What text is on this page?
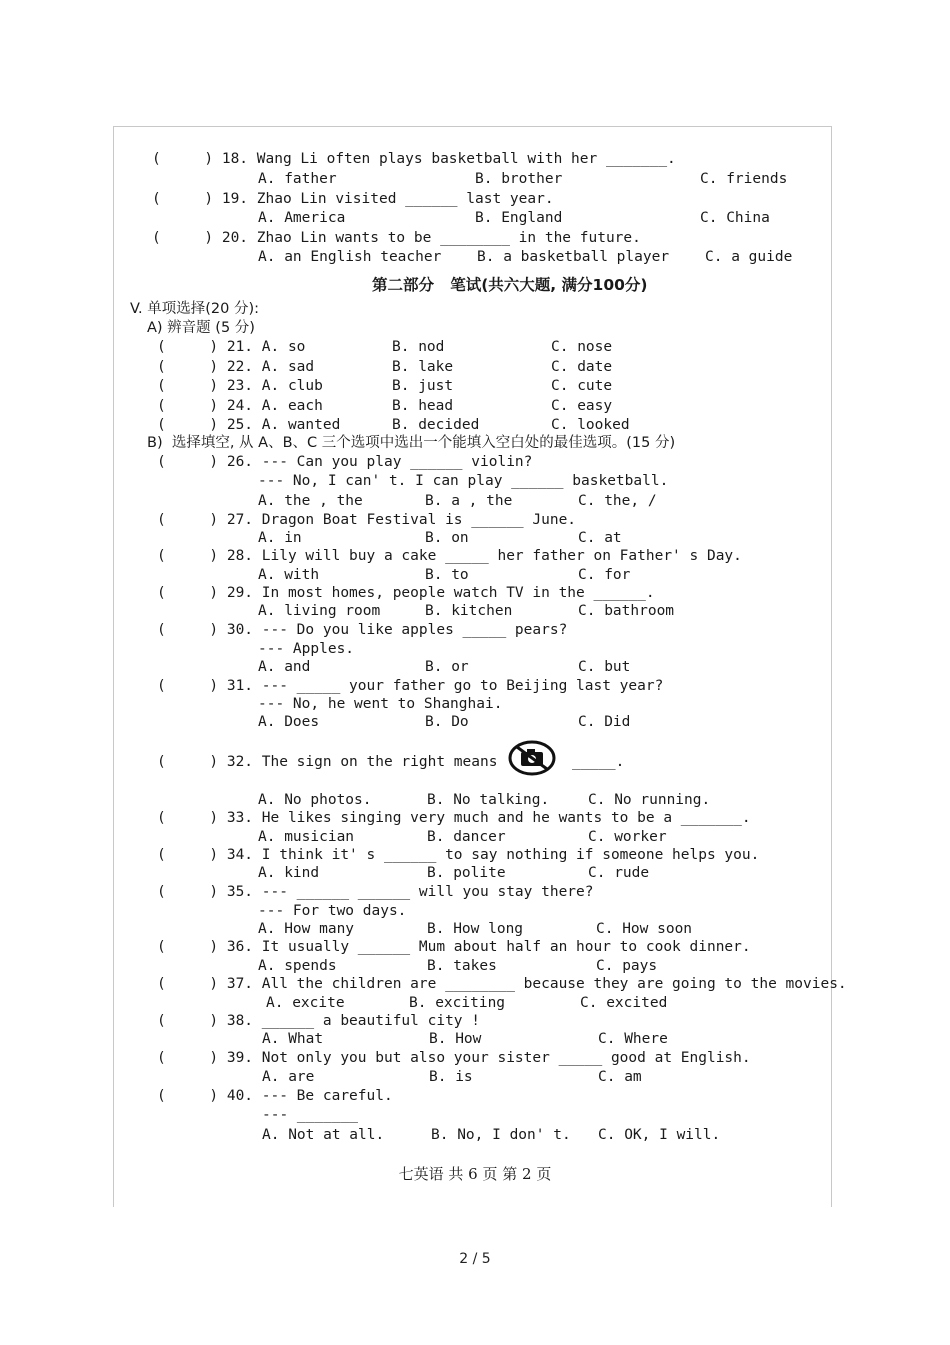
(     ) 18. Wang Li often plays basketball with her _______.
A. father	B. brother	C. friends
(     ) 19. Zhao Lin visited ______ last year.
A. America	B. England	C. China
(     ) 20. Zhao Lin wants to be ________ in the future.
A. an English teacher B. a basketball player C. a guide
V. 单项选择(20 分):
A) 辨音题 (5 分)
(     ) 21. A. so	B. nod	C. nose
(     ) 22. A. sad	B. lake	C. date
(     ) 23. A. club	B. just	C. cute
(     ) 24. A. each	B. head	C. easy
(     ) 25. A. wanted	B. decided	C. looked
B)  选择填空, 从 A、B、C 三个选项中选出一个能填入空白处的最佳选项。(15 分)
(     ) 26. --- Can you play ______ violin?
--- No, I can' t. I can play ______ basketball.
A. the , the	B. a , the	C. the, /
(     ) 27. Dragon Boat Festival is ______ June.
A. in	B. on	C. at
(     ) 28. Lily will buy a cake _____ her father on Father' s Day.
A. with	B. to	C. for
(     ) 29. In most homes, people watch TV in the ______.
A. living room	B. kitchen	C. bathroom
(     ) 30. --- Do you like apples _____ pears?
--- Apples.
A. and	B. or	C. but
(     ) 31. --- _____ your father go to Beijing last year?
--- No, he went to Shanghai.
A. Does	B. Do	C. Did
(     ) 32. The sign on the right means	_____.
A. No photos.	B. No talking.	C. No running.
(     ) 33. He likes singing very much and he wants to be a _______.
A. musician	B. dancer	C. worker
(     ) 34. I think it' s ______ to say nothing if someone helps you.
A. kind	B. polite	C. rude
(     ) 35. --- ______ ______ will you stay there?
--- For two days.
A. How many	B. How long	C. How soon
(     ) 36. It usually ______ Mum about half an hour to cook dinner.
A. spends	B. takes	C. pays
(     ) 37. All the children are ________ because they are going to the movies.
A. excite	B. exciting	C. excited
(     ) 38. ______ a beautiful city !
A. What	B. How	C. Where
(     ) 39. Not only you but also your sister _____ good at English.
A. are	B. is	C. am
(     ) 40. --- Be careful.
--- _______
A. Not at all.	B. No, I don' t. C. OK, I will.
第二部分   笔试(共六大题, 满分100分)
七英语 共 6 页 第 2 页
2 / 5
